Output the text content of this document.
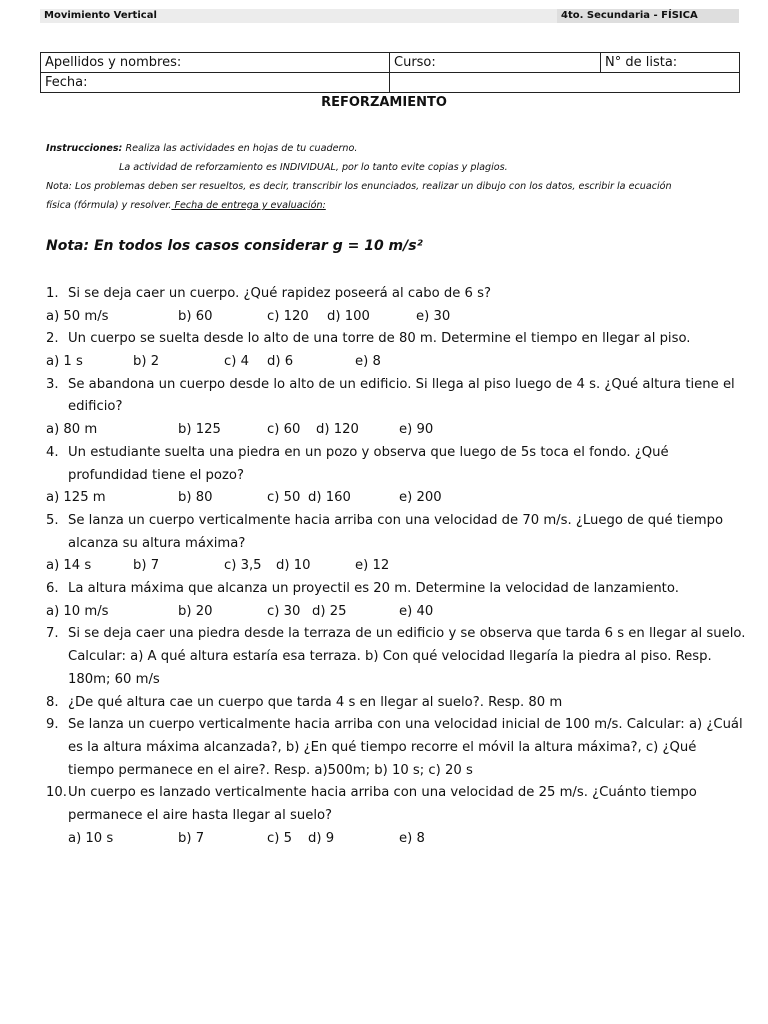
Movimiento Vertical	4to. Secundaria - FÍSICA
Apellidos y nombres:	Curso:	N° de lista:
Fecha:		
REFORZAMIENTO
Instrucciones: Realiza las actividades en hojas de tu cuaderno.
La actividad de reforzamiento es INDIVIDUAL, por lo tanto evite copias y plagios.
Nota: Los problemas deben ser resueltos, es decir, transcribir los enunciados, realizar un dibujo con los datos, escribir la ecuación
física (fórmula) y resolver. Fecha de entrega y evaluación:
Nota: En todos los casos considerar g = 10 m/s²
1. Si se deja caer un cuerpo. ¿Qué rapidez poseerá al cabo de 6 s?
a) 50 m/s	b) 60	c) 120 d) 100	e) 30
2. Un cuerpo se suelta desde lo alto de una torre de 80 m. Determine el tiempo en llegar al piso.
a) 1 s	b) 2	c) 4 d) 6	e) 8
3. Se abandona un cuerpo desde lo alto de un edificio. Si llega al piso luego de 4 s. ¿Qué altura tiene el edificio?
a) 80 m	b) 125	c) 60 d) 120	e) 90
4. Un estudiante suelta una piedra en un pozo y observa que luego de 5s toca el fondo. ¿Qué profundidad tiene el pozo?
a) 125 m	b) 80	c) 50 d) 160	e) 200
5. Se lanza un cuerpo verticalmente hacia arriba con una velocidad de 70 m/s. ¿Luego de qué tiempo alcanza su altura máxima?
a) 14 s	b) 7	c) 3,5 d) 10	e) 12
6. La altura máxima que alcanza un proyectil es 20 m. Determine la velocidad de lanzamiento.
a) 10 m/s	b) 20	c) 30 d) 25	e) 40
7. Si se deja caer una piedra desde la terraza de un edificio y se observa que tarda 6 s en llegar al suelo. Calcular: a) A qué altura estaría esa terraza. b) Con qué velocidad llegaría la piedra al piso. Resp. 180m; 60 m/s
8. ¿De qué altura cae un cuerpo que tarda 4 s en llegar al suelo?. Resp. 80 m
9. Se lanza un cuerpo verticalmente hacia arriba con una velocidad inicial de 100 m/s. Calcular: a) ¿Cuál es la altura máxima alcanzada?, b) ¿En qué tiempo recorre el móvil la altura máxima?, c) ¿Qué tiempo permanece en el aire?. Resp. a)500m; b) 10 s; c) 20 s
10. Un cuerpo es lanzado verticalmente hacia arriba con una velocidad de 25 m/s. ¿Cuánto tiempo permanece el aire hasta llegar al suelo?
a) 10 s	b) 7	c) 5 d) 9	e) 8
